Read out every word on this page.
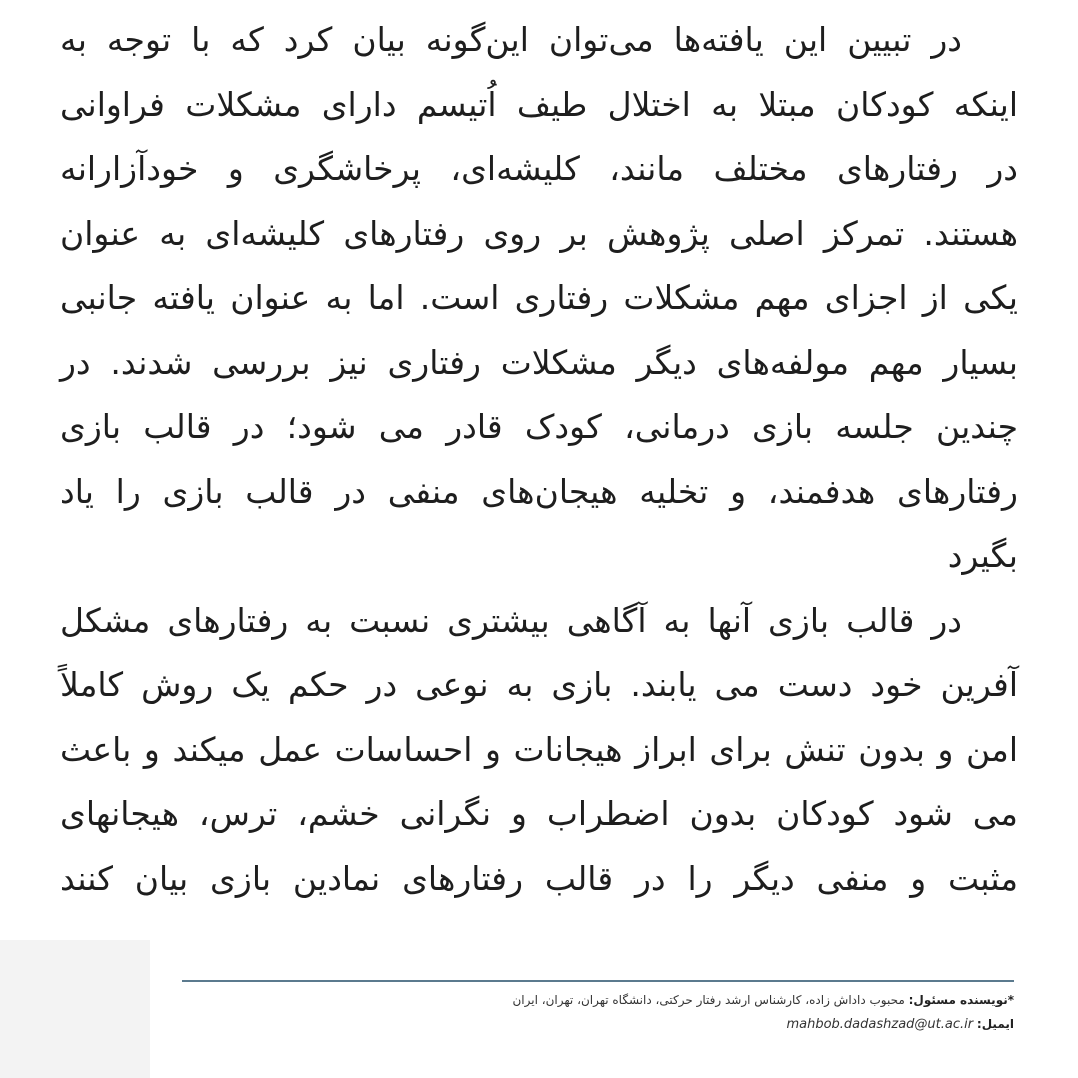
در تبیین این یافته‌ها می‌توان این‌گونه بیان کرد که با توجه به
اینکه کودکان مبتلا به اختلال طیف اُتیسم دارای مشکلات فراوانی
در رفتارهای مختلف مانند، کلیشه‌ای، پرخاشگری و خودآزارانه
هستند. تمرکز اصلی پژوهش بر روی رفتارهای کلیشه‌ای به عنوان
یکی از اجزای مهم مشکلات رفتاری است. اما به عنوان یافته جانبی
بسیار مهم مولفه‌های دیگر مشکلات رفتاری نیز بررسی شدند. در
چندین جلسه بازی درمانی، کودک قادر می شود؛ در قالب بازی
رفتارهای هدفمند، و تخلیه هیجان‌های منفی در قالب بازی را یاد
بگیرد

در قالب بازی آنها به آگاهی بیشتری نسبت به رفتارهای مشکل
آفرین خود دست می یابند. بازی به نوعی در حکم یک روش کاملاً
امن و بدون تنش برای ابراز هیجانات و احساسات عمل میکند و باعث
می شود کودکان بدون اضطراب و نگرانی خشم، ترس، هیجانهای
مثبت و منفی دیگر را در قالب رفتارهای نمادین بازی بیان کنند

*نویسنده مسئول: محبوب داداش زاده، کارشناس ارشد رفتار حرکتی، دانشگاه تهران، تهران، ایران
ایمیل: mahbob.dadashzad@ut.ac.ir
